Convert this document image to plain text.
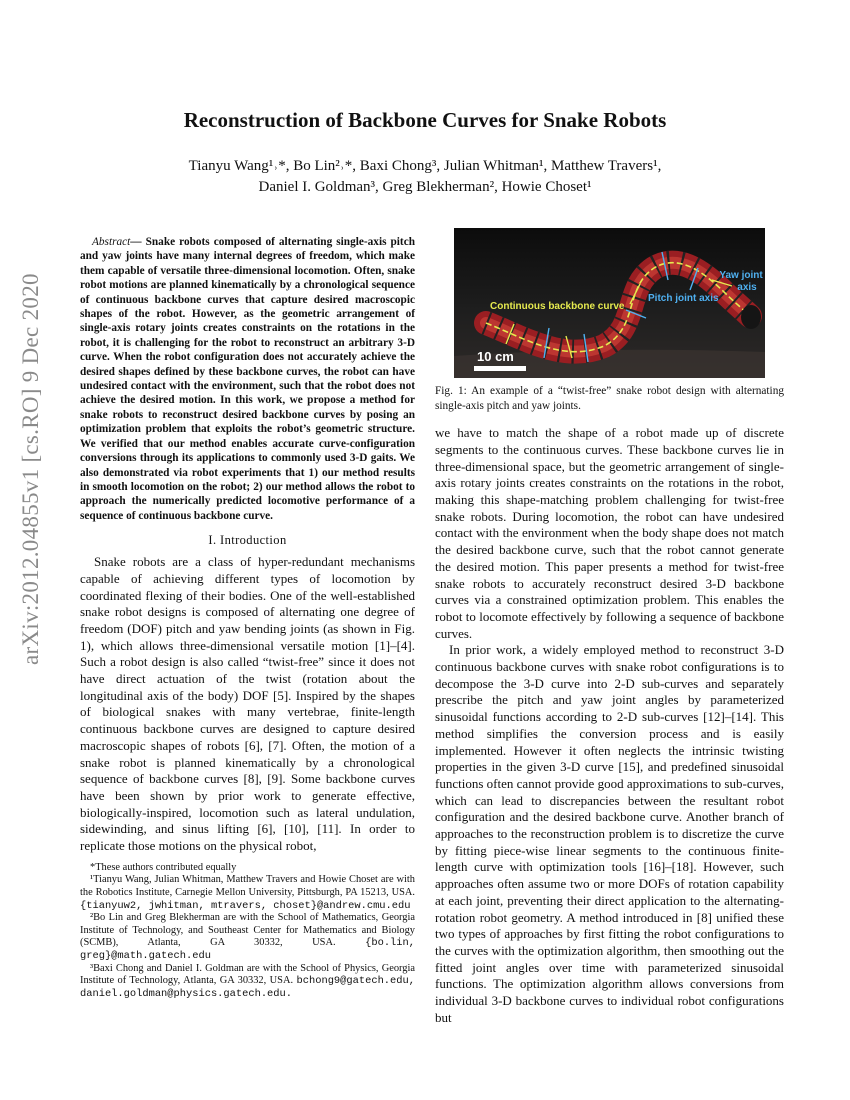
arXiv:2012.04855v1 [cs.RO] 9 Dec 2020
Reconstruction of Backbone Curves for Snake Robots
Tianyu Wang¹˒*, Bo Lin²˒*, Baxi Chong³, Julian Whitman¹, Matthew Travers¹,
Daniel I. Goldman³, Greg Blekherman², Howie Choset¹

Abstract— Snake robots composed of alternating single-axis pitch and yaw joints have many internal degrees of freedom, which make them capable of versatile three-dimensional locomotion. Often, snake robot motions are planned kinematically by a chronological sequence of continuous backbone curves that capture desired macroscopic shapes of the robot. However, as the geometric arrangement of single-axis rotary joints creates constraints on the rotations in the robot, it is challenging for the robot to reconstruct an arbitrary 3-D curve. When the robot configuration does not accurately achieve the desired shapes defined by these backbone curves, the robot can have undesired contact with the environment, such that the robot does not achieve the desired motion. In this work, we propose a method for snake robots to reconstruct desired backbone curves by posing an optimization problem that exploits the robot’s geometric structure. We verified that our method enables accurate curve-configuration conversions through its applications to commonly used 3-D gaits. We also demonstrated via robot experiments that 1) our method results in smooth locomotion on the robot; 2) our method allows the robot to approach the numerically predicted locomotive performance of a sequence of continuous backbone curve.

I. Introduction

Snake robots are a class of hyper-redundant mechanisms capable of achieving different types of locomotion by coordinated flexing of their bodies. One of the well-established snake robot designs is composed of alternating one degree of freedom (DOF) pitch and yaw bending joints (as shown in Fig. 1), which allows three-dimensional versatile motion [1]–[4]. Such a robot design is also called “twist-free” since it does not have direct actuation of the twist (rotation about the longitudinal axis of the body) DOF [5]. Inspired by the shapes of biological snakes with many vertebrae, finite-length continuous backbone curves are designed to capture desired macroscopic shapes of robots [6], [7]. Often, the motion of a snake robot is planned kinematically by a chronological sequence of backbone curves [8], [9]. Some backbone curves have been shown by prior work to generate effective, biologically-inspired, locomotion such as lateral undulation, sidewinding, and sinus lifting [6], [10], [11]. In order to replicate those motions on the physical robot,

*These authors contributed equally

¹Tianyu Wang, Julian Whitman, Matthew Travers and Howie Choset are with the Robotics Institute, Carnegie Mellon University, Pittsburgh, PA 15213, USA. {tianyuw2, jwhitman, mtravers, choset}@andrew.cmu.edu

²Bo Lin and Greg Blekherman are with the School of Mathematics, Georgia Institute of Technology, and Southeast Center for Mathematics and Biology (SCMB), Atlanta, GA 30332, USA.	{bo.lin, greg}@math.gatech.edu

³Baxi Chong and Daniel I. Goldman are with the School of Physics, Georgia Institute of Technology, Atlanta, GA 30332, USA. bchong9@gatech.edu, daniel.goldman@physics.gatech.edu.

Continuous backbone curve
Pitch joint axis
Yaw joint
axis
10 cm

Fig. 1: An example of a “twist-free” snake robot design with alternating single-axis pitch and yaw joints.

we have to match the shape of a robot made up of discrete segments to the continuous curves. These backbone curves lie in three-dimensional space, but the geometric arrangement of single-axis rotary joints creates constraints on the rotations in the robot, making this shape-matching problem challenging for twist-free snake robots. During locomotion, the robot can have undesired contact with the environment when the body shape does not match the desired backbone curve, such that the robot cannot generate the desired motion. This paper presents a method for twist-free snake robots to accurately reconstruct desired 3-D backbone curves via a constrained optimization problem. This enables the robot to locomote effectively by following a sequence of backbone curves.

In prior work, a widely employed method to reconstruct 3-D continuous backbone curves with snake robot configurations is to decompose the 3-D curve into 2-D sub-curves and separately prescribe the pitch and yaw joint angles by parameterized sinusoidal functions according to 2-D sub-curves [12]–[14]. This method simplifies the conversion process and is easily implemented. However it often neglects the intrinsic twisting properties in the given 3-D curve [15], and predefined sinusoidal functions often cannot provide good approximations to sub-curves, which can lead to discrepancies between the resultant robot configuration and the desired backbone curve. Another branch of approaches to the reconstruction problem is to discretize the curve by fitting piece-wise linear segments to the continuous finite-length curve with optimization tools [16]–[18]. However, such approaches often assume two or more DOFs of rotation capability at each joint, preventing their direct application to the alternating-rotation robot geometry. A method introduced in [8] unified these two types of approaches by first fitting the robot configurations to the curves with the optimization algorithm, then smoothing out the fitted joint angles over time with parameterized sinusoidal functions. The optimization algorithm allows conversions from individual 3-D backbone curves to individual robot configurations but
